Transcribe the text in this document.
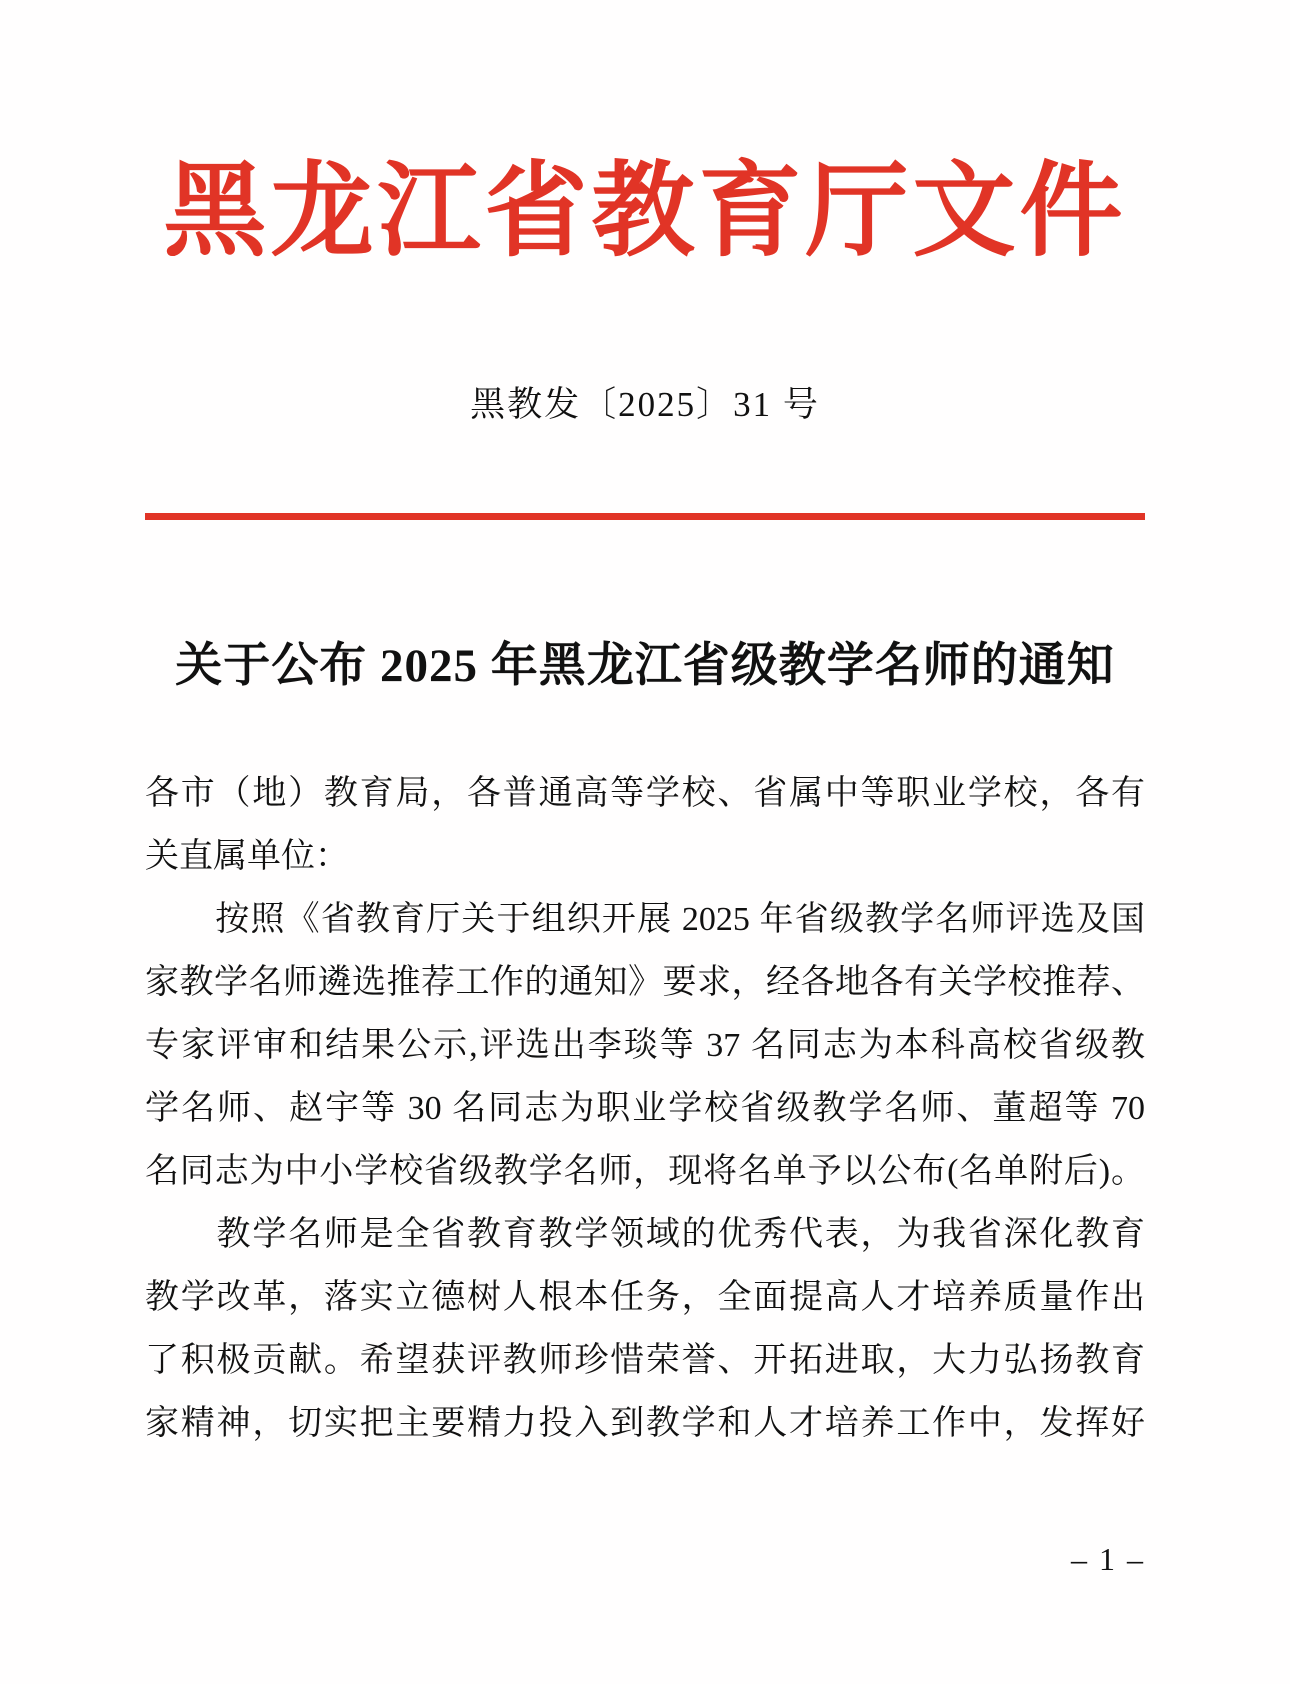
黑龙江省教育厅文件
黑教发〔2025〕31 号
关于公布 2025 年黑龙江省级教学名师的通知
各市（地）教育局，各普通高等学校、省属中等职业学校，各有
关直属单位：
　　按照《省教育厅关于组织开展 2025 年省级教学名师评选及国
家教学名师遴选推荐工作的通知》要求，经各地各有关学校推荐、
专家评审和结果公示,评选出李琰等 37 名同志为本科高校省级教
学名师、赵宇等 30 名同志为职业学校省级教学名师、董超等 70
名同志为中小学校省级教学名师，现将名单予以公布(名单附后)。
　　教学名师是全省教育教学领域的优秀代表，为我省深化教育
教学改革，落实立德树人根本任务，全面提高人才培养质量作出
了积极贡献。希望获评教师珍惜荣誉、开拓进取，大力弘扬教育
家精神，切实把主要精力投入到教学和人才培养工作中，发挥好
– 1 –
